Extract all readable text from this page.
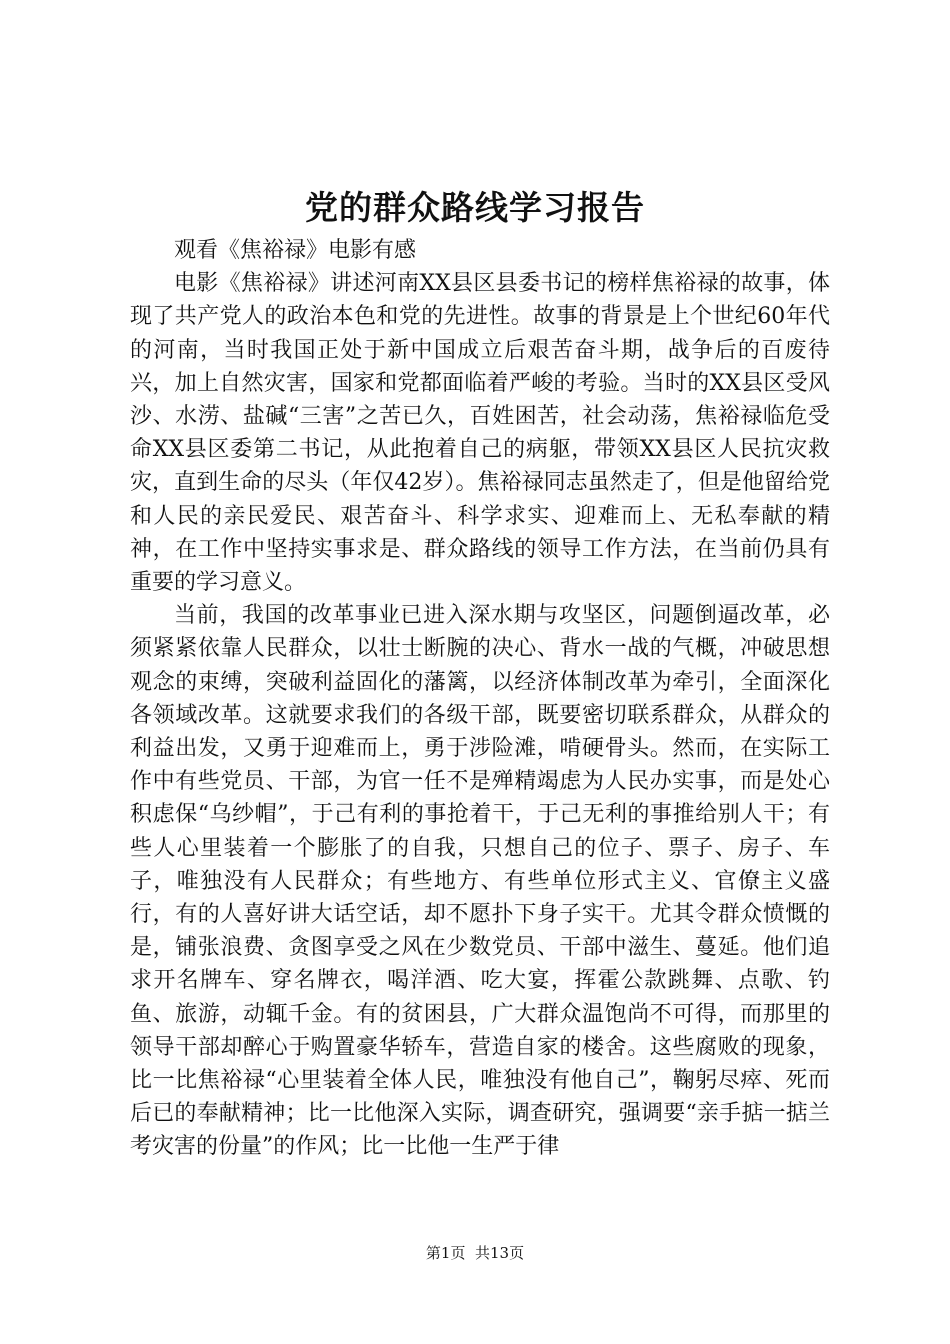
党的群众路线学习报告

观看《焦裕禄》电影有感

电影《焦裕禄》讲述河南XX县区县委书记的榜样焦裕禄的故事，体现了共产党人的政治本色和党的先进性。故事的背景是上个世纪60年代的河南，当时我国正处于新中国成立后艰苦奋斗期，战争后的百废待兴，加上自然灾害，国家和党都面临着严峻的考验。当时的XX县区受风沙、水涝、盐碱“三害”之苦已久，百姓困苦，社会动荡，焦裕禄临危受命XX县区委第二书记，从此抱着自己的病躯，带领XX县区人民抗灾救灾，直到生命的尽头（年仅42岁）。焦裕禄同志虽然走了，但是他留给党和人民的亲民爱民、艰苦奋斗、科学求实、迎难而上、无私奉献的精神，在工作中坚持实事求是、群众路线的领导工作方法，在当前仍具有重要的学习意义。

当前，我国的改革事业已进入深水期与攻坚区，问题倒逼改革，必须紧紧依靠人民群众，以壮士断腕的决心、背水一战的气概，冲破思想观念的束缚，突破利益固化的藩篱，以经济体制改革为牵引，全面深化各领域改革。这就要求我们的各级干部，既要密切联系群众，从群众的利益出发，又勇于迎难而上，勇于涉险滩，啃硬骨头。然而，在实际工作中有些党员、干部，为官一任不是殚精竭虑为人民办实事，而是处心积虑保“乌纱帽”，于己有利的事抢着干，于己无利的事推给别人干；有些人心里装着一个膨胀了的自我，只想自己的位子、票子、房子、车子，唯独没有人民群众；有些地方、有些单位形式主义、官僚主义盛行，有的人喜好讲大话空话，却不愿扑下身子实干。尤其令群众愤慨的是，铺张浪费、贪图享受之风在少数党员、干部中滋生、蔓延。他们追求开名牌车、穿名牌衣，喝洋酒、吃大宴，挥霍公款跳舞、点歌、钓鱼、旅游，动辄千金。有的贫困县，广大群众温饱尚不可得，而那里的领导干部却醉心于购置豪华轿车，营造自家的楼舍。这些腐败的现象，比一比焦裕禄“心里装着全体人民，唯独没有他自己”，鞠躬尽瘁、死而后已的奉献精神；比一比他深入实际，调查研究，强调要“亲手掂一掂兰考灾害的份量”的作风；比一比他一生严于律

第1页  共13页
